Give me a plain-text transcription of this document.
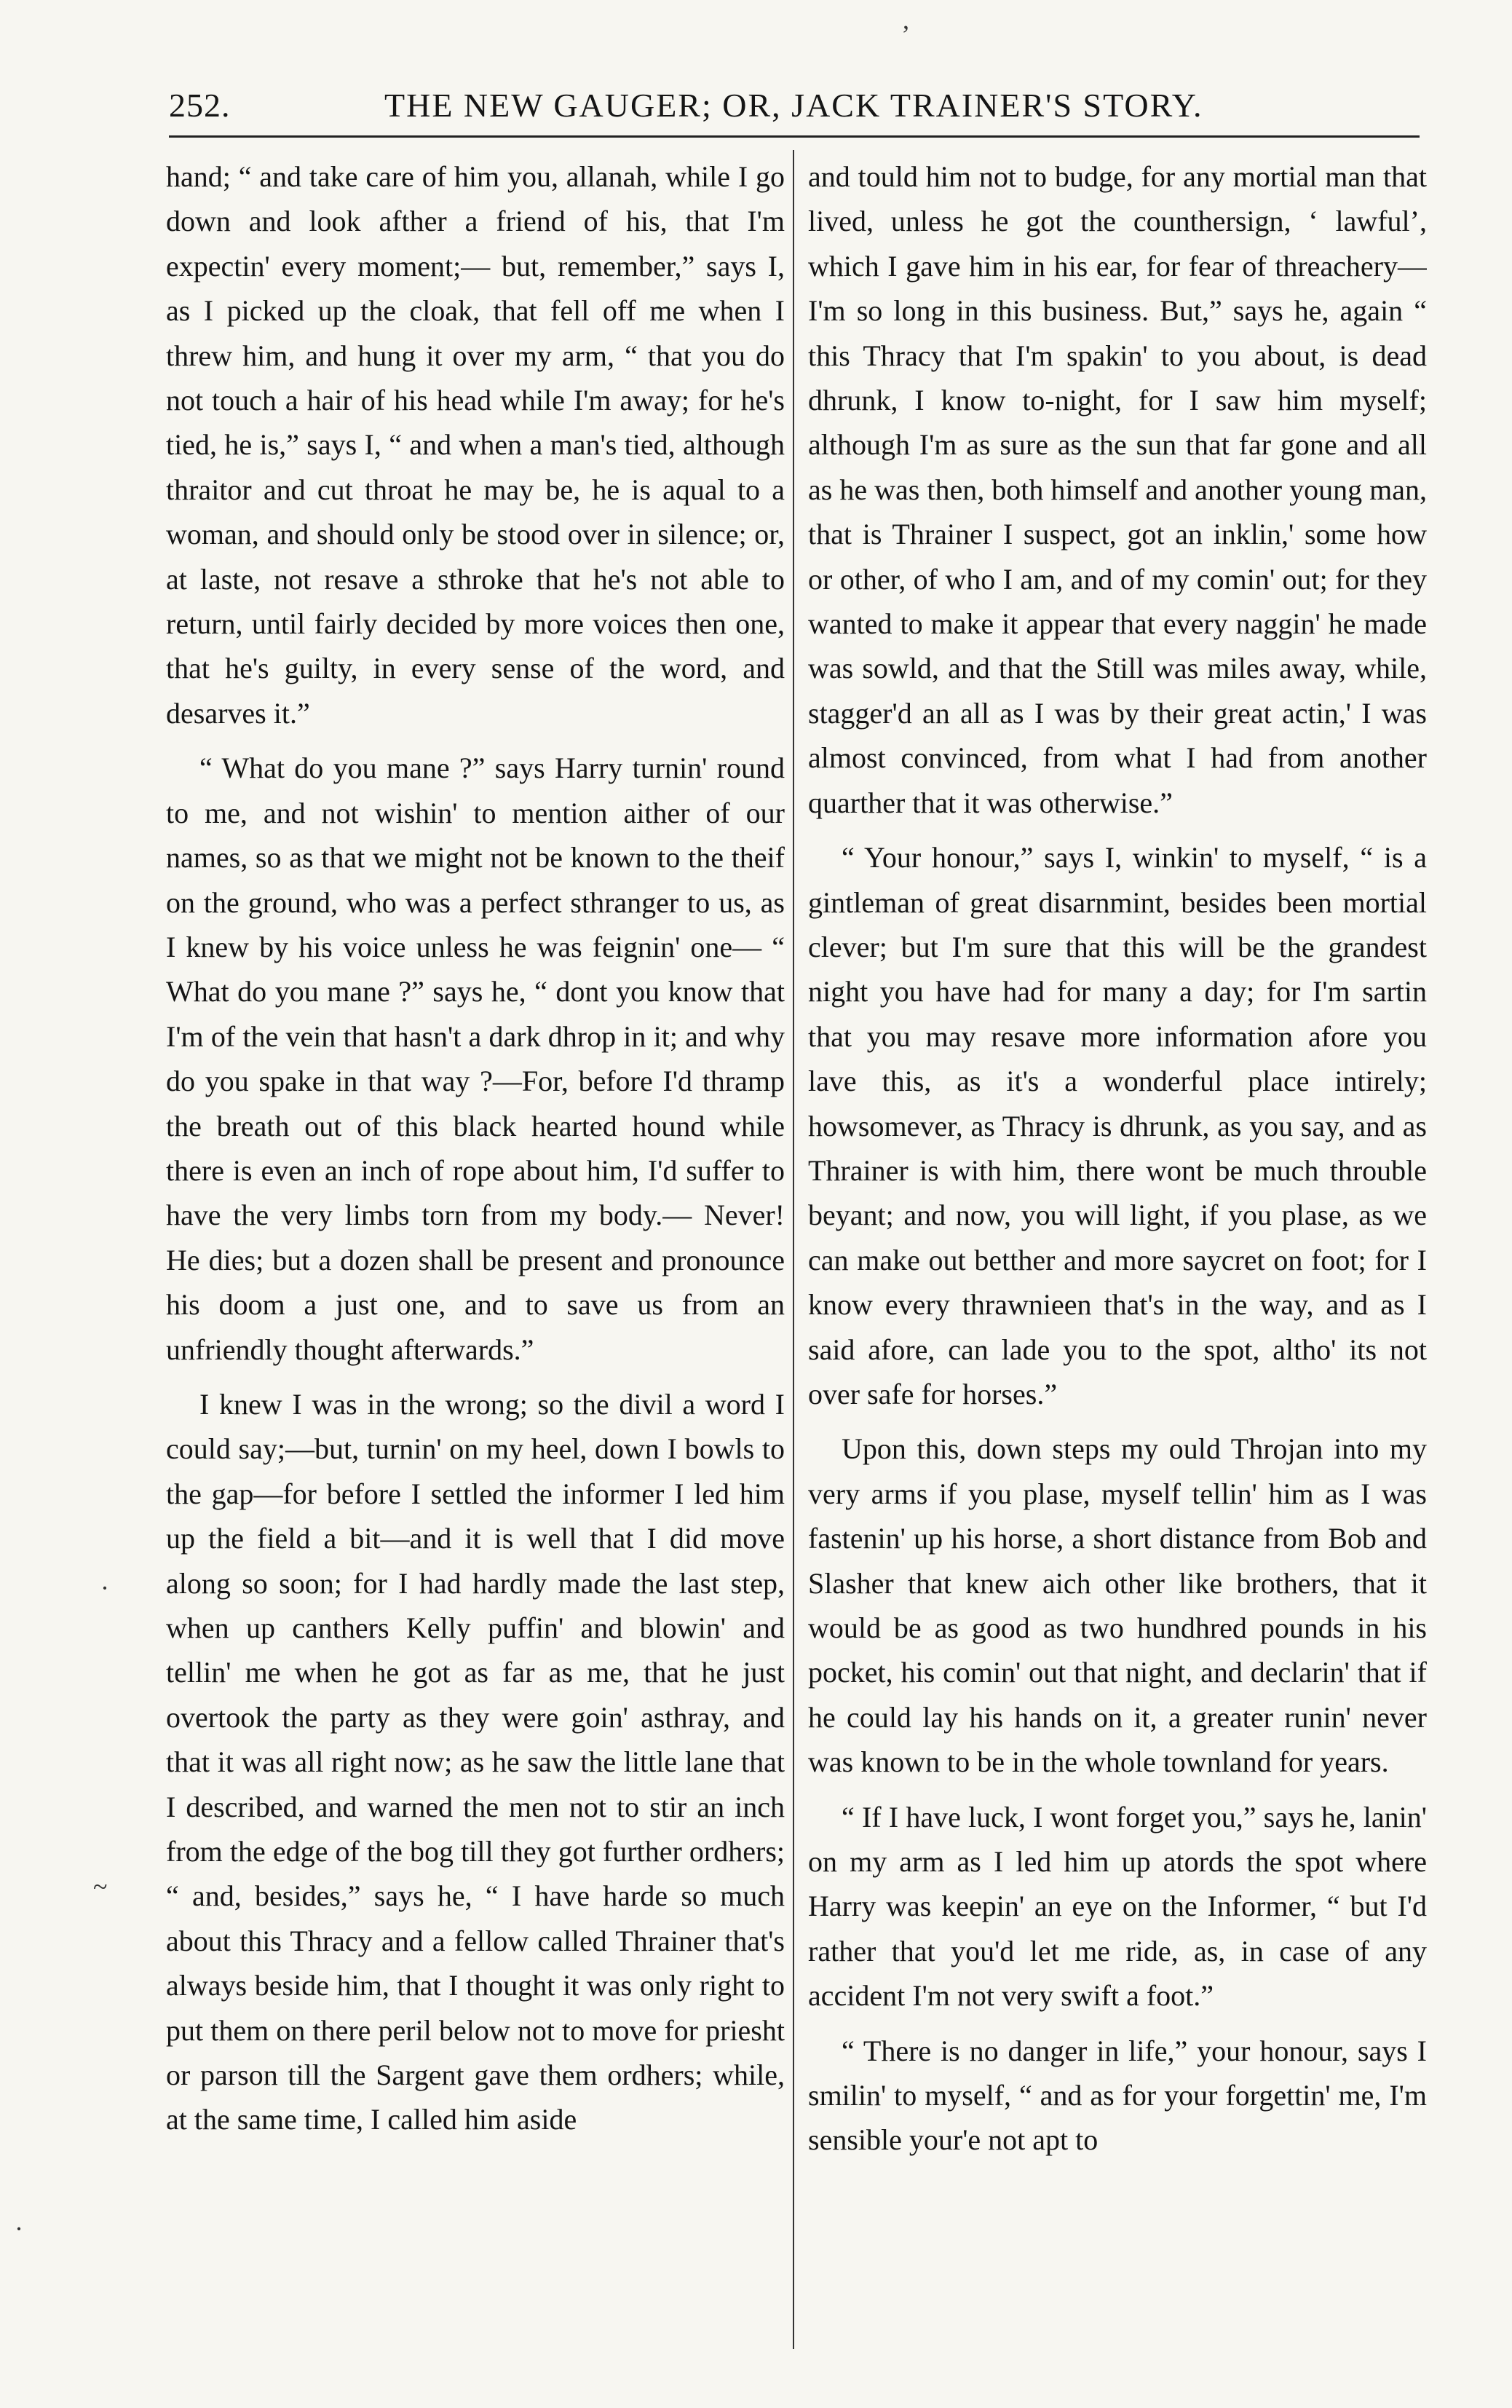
,
·
~
·
252.	THE NEW GAUGER; OR, JACK TRAINER'S STORY.

hand; “ and take care of him you, allanah, while I go down and look afther a friend of his, that I'm expectin' every moment;— but, remember,” says I, as I picked up the cloak, that fell off me when I threw him, and hung it over my arm, “ that you do not touch a hair of his head while I'm away; for he's tied, he is,” says I, “ and when a man's tied, although thraitor and cut throat he may be, he is aqual to a woman, and should only be stood over in silence; or, at laste, not resave a sthroke that he's not able to return, until fairly decided by more voices then one, that he's guilty, in every sense of the word, and desarves it.”

“ What do you mane ?” says Harry turnin' round to me, and not wishin' to mention aither of our names, so as that we might not be known to the theif on the ground, who was a perfect sthranger to us, as I knew by his voice unless he was feignin' one— “ What do you mane ?” says he, “ dont you know that I'm of the vein that hasn't a dark dhrop in it; and why do you spake in that way ?—For, before I'd thramp the breath out of this black hearted hound while there is even an inch of rope about him, I'd suffer to have the very limbs torn from my body.— Never! He dies; but a dozen shall be present and pronounce his doom a just one, and to save us from an unfriendly thought afterwards.”

I knew I was in the wrong; so the divil a word I could say;—but, turnin' on my heel, down I bowls to the gap—for before I settled the informer I led him up the field a bit—and it is well that I did move along so soon; for I had hardly made the last step, when up canthers Kelly puffin' and blowin' and tellin' me when he got as far as me, that he just overtook the party as they were goin' asthray, and that it was all right now; as he saw the little lane that I described, and warned the men not to stir an inch from the edge of the bog till they got further ordhers; “ and, besides,” says he, “ I have harde so much about this Thracy and a fellow called Thrainer that's always beside him, that I thought it was only right to put them on there peril below not to move for priesht or parson till the Sargent gave them ordhers; while, at the same time, I called him aside

and tould him not to budge, for any mortial man that lived, unless he got the counthersign, ‘ lawful’, which I gave him in his ear, for fear of threachery—I'm so long in this business. But,” says he, again “ this Thracy that I'm spakin' to you about, is dead dhrunk, I know to-night, for I saw him myself; although I'm as sure as the sun that far gone and all as he was then, both himself and another young man, that is Thrainer I suspect, got an inklin,' some how or other, of who I am, and of my comin' out; for they wanted to make it appear that every naggin' he made was sowld, and that the Still was miles away, while, stagger'd an all as I was by their great actin,' I was almost convinced, from what I had from another quarther that it was otherwise.”

“ Your honour,” says I, winkin' to myself, “ is a gintleman of great disarnmint, besides been mortial clever; but I'm sure that this will be the grandest night you have had for many a day; for I'm sartin that you may resave more information afore you lave this, as it's a wonderful place intirely; howsomever, as Thracy is dhrunk, as you say, and as Thrainer is with him, there wont be much throuble beyant; and now, you will light, if you plase, as we can make out betther and more saycret on foot; for I know every thrawnieen that's in the way, and as I said afore, can lade you to the spot, altho' its not over safe for horses.”

Upon this, down steps my ould Throjan into my very arms if you plase, myself tellin' him as I was fastenin' up his horse, a short distance from Bob and Slasher that knew aich other like brothers, that it would be as good as two hundhred pounds in his pocket, his comin' out that night, and declarin' that if he could lay his hands on it, a greater runin' never was known to be in the whole townland for years.

“ If I have luck, I wont forget you,” says he, lanin' on my arm as I led him up atords the spot where Harry was keepin' an eye on the Informer, “ but I'd rather that you'd let me ride, as, in case of any accident I'm not very swift a foot.”

“ There is no danger in life,” your honour, says I smilin' to myself, “ and as for your forgettin' me, I'm sensible your'e not apt to
